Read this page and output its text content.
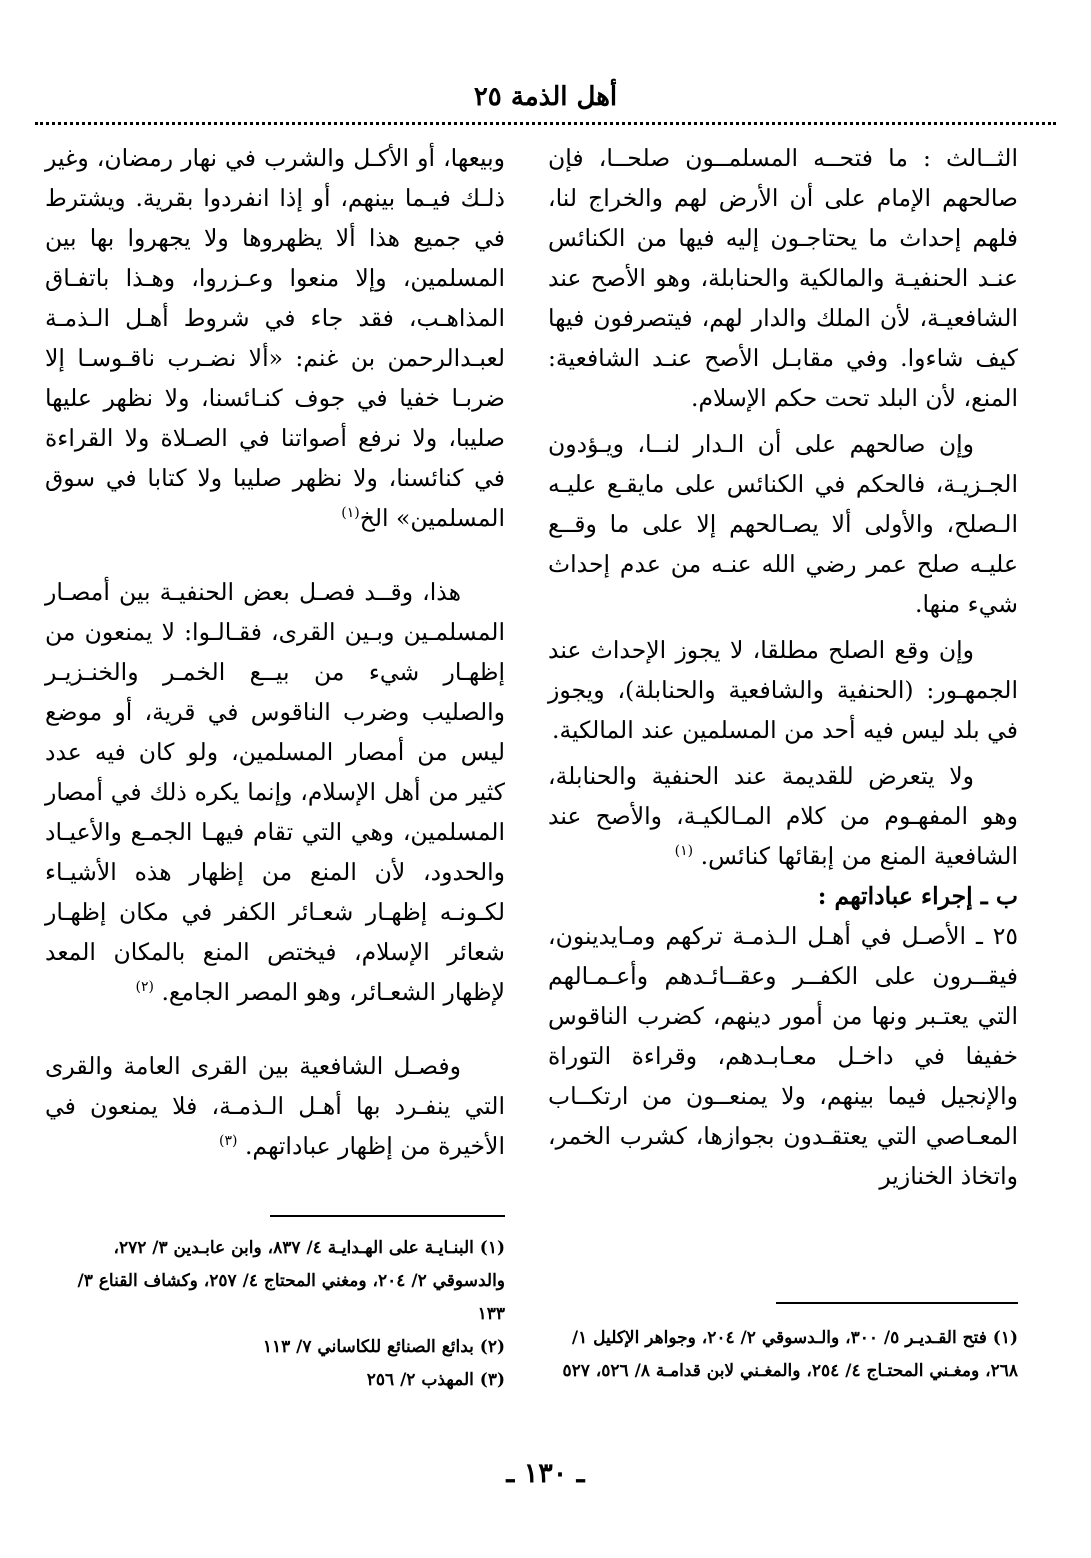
أهل الذمة ٢٥

الثــالث : ما فتحــه المسلمــون صلحــا، فإن صالحهم الإمام على أن الأرض لهم والخراج لنا، فلهم إحداث ما يحتاجـون إليه فيها من الكنائس عنـد الحنفيـة والمالكية والحنابلة، وهو الأصح عند الشافعيـة، لأن الملك والدار لهم، فيتصرفون فيها كيف شاءوا. وفي مقابـل الأصح عنـد الشافعية: المنع، لأن البلد تحت حكم الإسلام.

وإن صالحهم على أن الـدار لنــا، ويـؤدون الجـزيـة، فالحكم في الكنائس على مايقـع عليـه الـصلح، والأولى ألا يصـالحهم إلا على ما وقــع عليـه صلح عمر رضي الله عنـه من عدم إحداث شيء منها.

وإن وقع الصلح مطلقا، لا يجوز الإحداث عند الجمهـور: (الحنفية والشافعية والحنابلة)، ويجوز في بلد ليس فيه أحد من المسلمين عند المالكية.

ولا يتعرض للقديمة عند الحنفية والحنابلة، وهو المفهـوم من كلام المـالكيـة، والأصح عند الشافعية المنع من إبقائها كنائس. $^{(١)}$

ب ـ إجراء عباداتهم :

٢٥ ـ الأصـل في أهـل الـذمـة تركهم ومـايدينون، فيقــرون على الكفــر وعقــائـدهم وأعـمـالهم التي يعتـبر ونها من أمور دينهم، كضرب الناقوس خفيفا في داخـل معـابـدهم، وقراءة التوراة والإنجيل فيما بينهم، ولا يمنعــون من ارتكــاب المعـاصي التي يعتقـدون بجوازها، كشرب الخمر، واتخاذ الخنازير

وبيعها، أو الأكـل والشرب في نهار رمضان، وغير ذلـك فيـما بينهم، أو إذا انفردوا بقرية. ويشترط في جميع هذا ألا يظهروها ولا يجهروا بها بين المسلمين، وإلا منعوا وعـزروا، وهـذا باتفـاق المذاهـب، فقد جاء في شروط أهـل الـذمـة لعبـدالرحمن بن غنم: «ألا نضـرب ناقـوسـا إلا ضربـا خفيا في جوف كنـائسنا، ولا نظهر عليها صليبا، ولا نرفع أصواتنا في الصـلاة ولا القراءة في كنائسنا، ولا نظهر صليبا ولا كتابا في سوق المسلمين» الخ$^{(١)}$

هذا، وقــد فصـل بعض الحنفيـة بين أمصـار المسلمـين وبـين القرى، فقـالـوا: لا يمنعون من إظهـار شيء من بيــع الخمـر والخنـزيـر والصليب وضرب الناقوس في قرية، أو موضع ليس من أمصار المسلمين، ولو كان فيه عدد كثير من أهل الإسلام، وإنما يكره ذلك في أمصار المسلمين، وهي التي تقام فيهـا الجمـع والأعيـاد والحدود، لأن المنع من إظهار هذه الأشيـاء لكـونـه إظهـار شعـائر الكفر في مكان إظهـار شعائر الإسلام، فيختص المنع بالمكان المعد لإظهار الشعـائر، وهو المصر الجامع. $^{(٢)}$

وفصـل الشافعية بين القرى العامة والقرى التي ينفـرد بها أهـل الـذمـة، فلا يمنعون في الأخيرة من إظهار عباداتهم. $^{(٣)}$

(١) البنـايـة على الهـدايـة ٤/ ٨٣٧، وابن عابـدين ٣/ ٢٧٢، والدسوقي ٢/ ٢٠٤، ومغني المحتاج ٤/ ٢٥٧، وكشاف القناع ٣/ ١٣٣
(٢) بدائع الصنائع للكاساني ٧/ ١١٣
(٣) المهذب ٢/ ٢٥٦
(١) فتح القـديـر ٥/ ٣٠٠، والـدسوقي ٢/ ٢٠٤، وجواهر الإكليل ١/ ٢٦٨، ومغـني المحتـاج ٤/ ٢٥٤، والمغـني لابن قدامـة ٨/ ٥٢٦، ٥٢٧
ـ ١٣٠ ـ
